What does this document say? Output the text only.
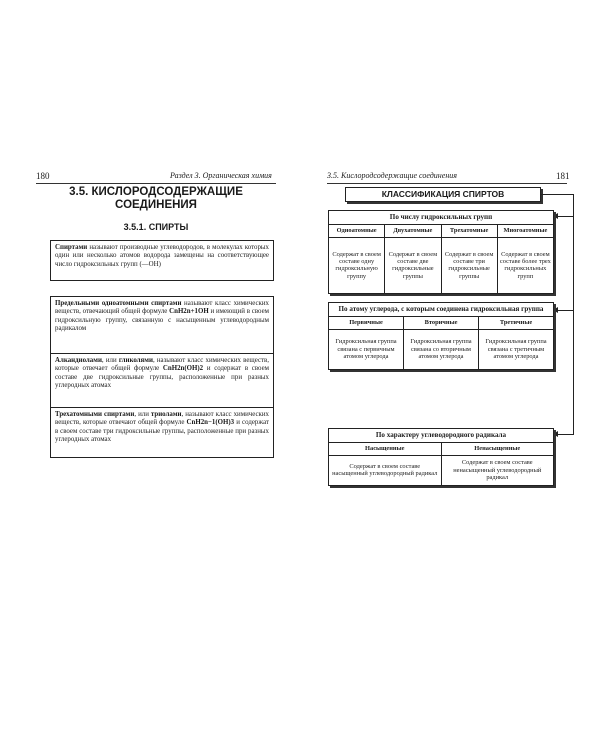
180	Раздел 3. Органическая химия
3.5. КИСЛОРОДСОДЕРЖАЩИЕ СОЕДИНЕНИЯ
3.5.1. СПИРТЫ
Спиртами называют производные углеводородов, в молекулах которых один или несколько атомов водорода замещены на соответствующее число гидроксильных групп (—OH)
Предельными одноатомными спиртами называют класс химических веществ, отвечающий общей формуле CnH2n+1OH и имеющий в своем гидроксильную группу, связанную с насыщенным углеводородным радикалом
Алкандиолами, или гликолями, называют класс химических веществ, которые отвечает общей формуле CnH2n(OH)2 и содержат в своем составе две гидроксильные группы, расположенные при разных углеродных атомах
Трехатомными спиртами, или триолами, называют класс химических веществ, которые отвечают общей формуле CnH2n−1(OH)3 и содержат в своем составе три гидроксильные группы, расположенные при разных углеродных атомах
3.5. Кислородсодержащие соединения	181
КЛАССИФИКАЦИЯ СПИРТОВ
По числу гидроксильных групп			
Одноатомные	Двухатомные	Трехатомные	Многоатомные
Содержат в своем составе одну гидроксильную группу	Содержат в своем составе две гидроксильные группы	Содержат в своем составе три гидроксильные группы	Содержат в своем составе более трех гидроксильных групп
По атому углерода, с которым соединена гидроксильная группа		
Первичные	Вторичные	Третичные
Гидроксильная группа связана с первичным атомом углерода	Гидроксильная группа связана со вторичным атомом углерода	Гидроксильная группа связана с третичным атомом углерода
По характеру углеводородного радикала	
Насыщенные	Ненасыщенные
Содержат в своем составе насыщенный углеводородный радикал	Содержат в своем составе ненасыщенный углеводородный радикал
